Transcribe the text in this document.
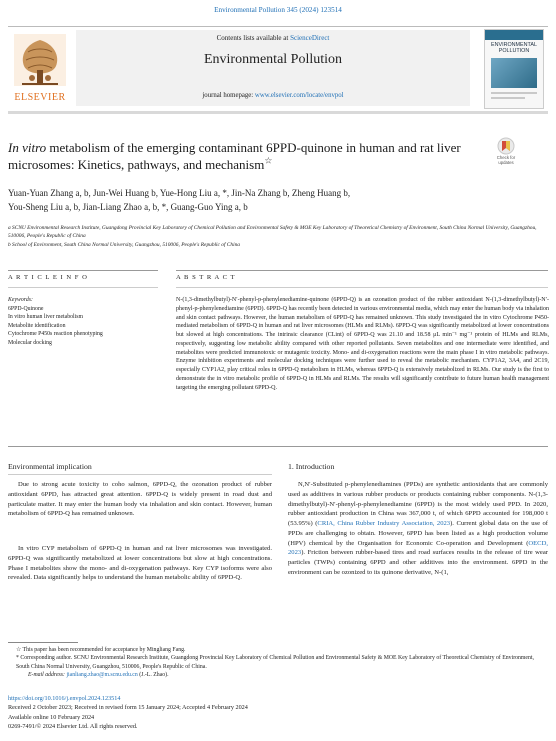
Environmental Pollution 345 (2024) 123514
ELSEVIER
Contents lists available at ScienceDirect
Environmental Pollution
journal homepage: www.elsevier.com/locate/envpol
ENVIRONMENTAL POLLUTION
In vitro metabolism of the emerging contaminant 6PPD-quinone in human and rat liver microsomes: Kinetics, pathways, and mechanism☆	Check for updates
Yuan-Yuan Zhang a, b, Jun-Wei Huang b, Yue-Hong Liu a, *, Jin-Na Zhang b, Zheng Huang b,
You-Sheng Liu a, b, Jian-Liang Zhao a, b, *, Guang-Guo Ying a, b
a SCNU Environmental Research Institute, Guangdong Provincial Key Laboratory of Chemical Pollution and Environmental Safety & MOE Key Laboratory of Theoretical Chemistry of Environment, South China Normal University, Guangzhou, 510006, People's Republic of China
b School of Environment, South China Normal University, Guangzhou, 510006, People's Republic of China
A R T I C L E I N F O	A B S T R A C T
Keywords:
6PPD-Quinone
In vitro human liver metabolism
Metabolite identification
Cytochrome P450s reaction phenotyping
Molecular docking
N-(1,3-dimethylbutyl)-N′-phenyl-p-phenylenediamine-quinone (6PPD-Q) is an ozonation product of the rubber antioxidant N-(1,3-dimethylbutyl)-N′-phenyl-p-phenylenediamine (6PPD). 6PPD-Q has recently been detected in various environmental media, which may enter the human body via inhalation and skin contact pathways. However, the human metabolism of 6PPD-Q has remained unknown. This study investigated the in vitro Cytochrome P450-mediated metabolism of 6PPD-Q in human and rat liver microsomes (HLMs and RLMs). 6PPD-Q was significantly metabolized at lower concentrations but slowed at high concentrations. The intrinsic clearance (CLint) of 6PPD-Q was 21.10 and 18.58 μL min⁻¹ mg⁻¹ protein of HLMs and RLMs, respectively, suggesting low metabolic ability compared with other reported pollutants. Seven metabolites and one intermediate were identified, and metabolites were predicted immunotoxic or mutagenic toxicity. Mono- and di-oxygenation reactions were the main phase I in vitro metabolic pathways. Enzyme inhibition experiments and molecular docking techniques were further used to reveal the metabolic mechanism. CYP1A2, 3A4, and 2C19, especially CYP1A2, play critical roles in 6PPD-Q metabolism in HLMs, whereas 6PPD-Q is extensively metabolized in RLMs. Our study is the first to demonstrate the in vitro metabolic profile of 6PPD-Q in HLMs and RLMs. The results will significantly contribute to future human health management targeting the emerging pollutant 6PPD-Q.
Environmental implication
Due to strong acute toxicity to coho salmon, 6PPD-Q, the ozonation product of rubber antioxidant 6PPD, has attracted great attention. 6PPD-Q is widely present in road dust and particulate matter. It may enter the human body via inhalation and skin contact. However, human metabolism of 6PPD-Q has remained unknown.
In vitro CYP metabolism of 6PPD-Q in human and rat liver microsomes was investigated. 6PPD-Q was significantly metabolized at lower concentrations but slow at high concentrations. Phase I metabolites show the mono- and di-oxygenation pathways. Key CYP isoforms were also revealed. Data significantly helps to understand the human metabolic ability of 6PPD-Q.
1. Introduction
N,N′-Substituted p-phenylenediamines (PPDs) are synthetic antioxidants that are commonly used as additives in various rubber products or products containing rubber components. N-(1,3-dimethylbutyl)-N′-phenyl-p-phenylenediamine (6PPD) is the most widely used PPD. In 2020, rubber antioxidant production in China was 367,000 t, of which 6PPD accounted for 198,000 t (53.95%) (CRIA, China Rubber Industry Association, 2023). Current global data on the use of PPDs are challenging to obtain. However, 6PPD has been listed as a high production volume (HPV) chemical by the Organisation for Economic Co-operation and Development (OECD, 2023). Friction between rubber-based tires and road surfaces results in the release of tire wear particles (TWPs) containing 6PPD and other additives into the environment. 6PPD in the environment can be ozonized to its quinone derivative, N-(1,
☆ This paper has been recommended for acceptance by Mingliang Fang.
* Corresponding author. SCNU Environmental Research Institute, Guangdong Provincial Key Laboratory of Chemical Pollution and Environmental Safety & MOE Key Laboratory of Theoretical Chemistry of Environment, South China Normal University, Guangzhou, 510006, People's Republic of China.
E-mail address: jianliang.zhao@m.scnu.edu.cn (J.-L. Zhao).
https://doi.org/10.1016/j.envpol.2024.123514
Received 2 October 2023; Received in revised form 15 January 2024; Accepted 4 February 2024
Available online 10 February 2024
0269-7491/© 2024 Elsevier Ltd. All rights reserved.
